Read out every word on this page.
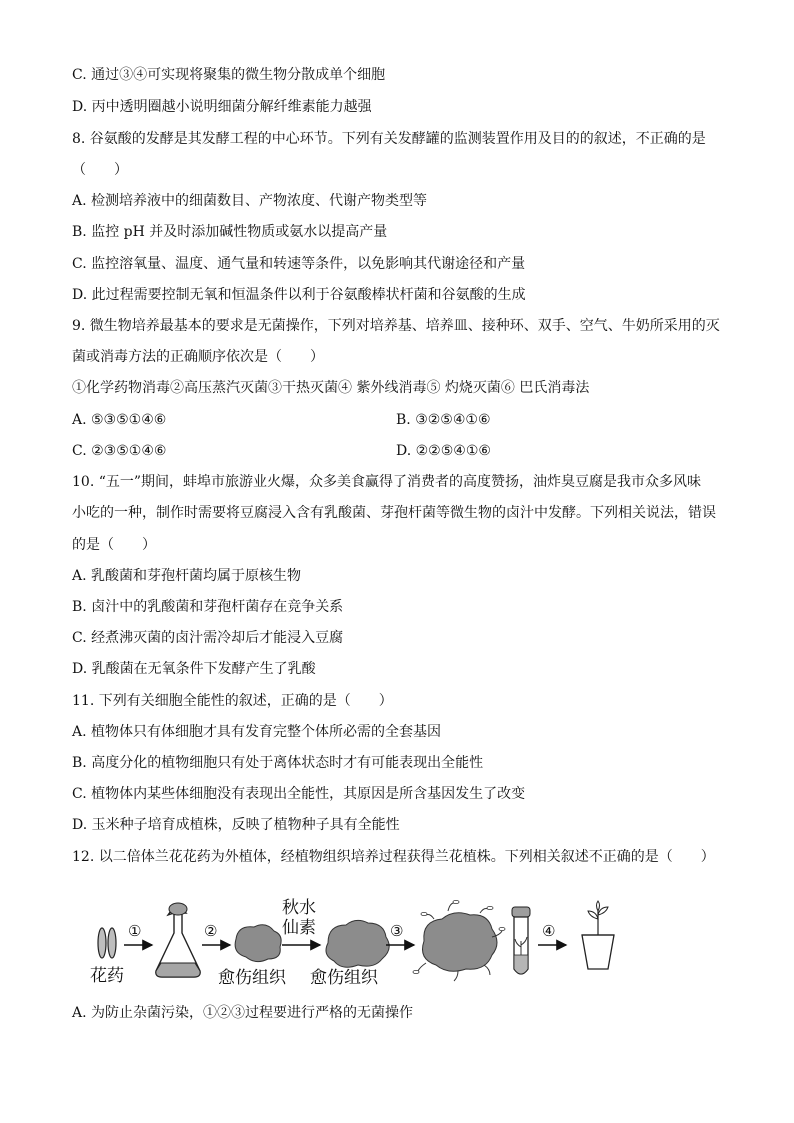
C. 通过③④可实现将聚集的微生物分散成单个细胞
D. 丙中透明圈越小说明细菌分解纤维素能力越强
8. 谷氨酸的发酵是其发酵工程的中心环节。下列有关发酵罐的监测装置作用及目的的叙述，不正确的是
（　　）
A. 检测培养液中的细菌数目、产物浓度、代谢产物类型等
B. 监控 pH 并及时添加碱性物质或氨水以提高产量
C. 监控溶氧量、温度、通气量和转速等条件，以免影响其代谢途径和产量
D. 此过程需要控制无氧和恒温条件以利于谷氨酸棒状杆菌和谷氨酸的生成
9. 微生物培养最基本的要求是无菌操作，下列对培养基、培养皿、接种环、双手、空气、牛奶所采用的灭
菌或消毒方法的正确顺序依次是（　　）
①化学药物消毒②高压蒸汽灭菌③干热灭菌④ 紫外线消毒⑤ 灼烧灭菌⑥ 巴氏消毒法
A. ⑤③⑤①④⑥	B. ③②⑤④①⑥
C. ②③⑤①④⑥	D. ②②⑤④①⑥
10. “五一”期间，蚌埠市旅游业火爆，众多美食赢得了消费者的高度赞扬，油炸臭豆腐是我市众多风味
小吃的一种，制作时需要将豆腐浸入含有乳酸菌、芽孢杆菌等微生物的卤汁中发酵。下列相关说法，错误
的是（　　）
A. 乳酸菌和芽孢杆菌均属于原核生物
B. 卤汁中的乳酸菌和芽孢杆菌存在竞争关系
C. 经煮沸灭菌的卤汁需冷却后才能浸入豆腐
D. 乳酸菌在无氧条件下发酵产生了乳酸
11. 下列有关细胞全能性的叙述，正确的是（　　）
A. 植物体只有体细胞才具有发育完整个体所必需的全套基因
B. 高度分化的植物细胞只有处于离体状态时才有可能表现出全能性
C. 植物体内某些体细胞没有表现出全能性，其原因是所含基因发生了改变
D. 玉米种子培育成植株，反映了植物种子具有全能性
12. 以二倍体兰花花药为外植体，经植物组织培养过程获得兰花植株。下列相关叙述不正确的是（　　）
花药
①	②
愈伤组织
秋水
仙素
愈伤组织
③	④
A. 为防止杂菌污染，①②③过程要进行严格的无菌操作
